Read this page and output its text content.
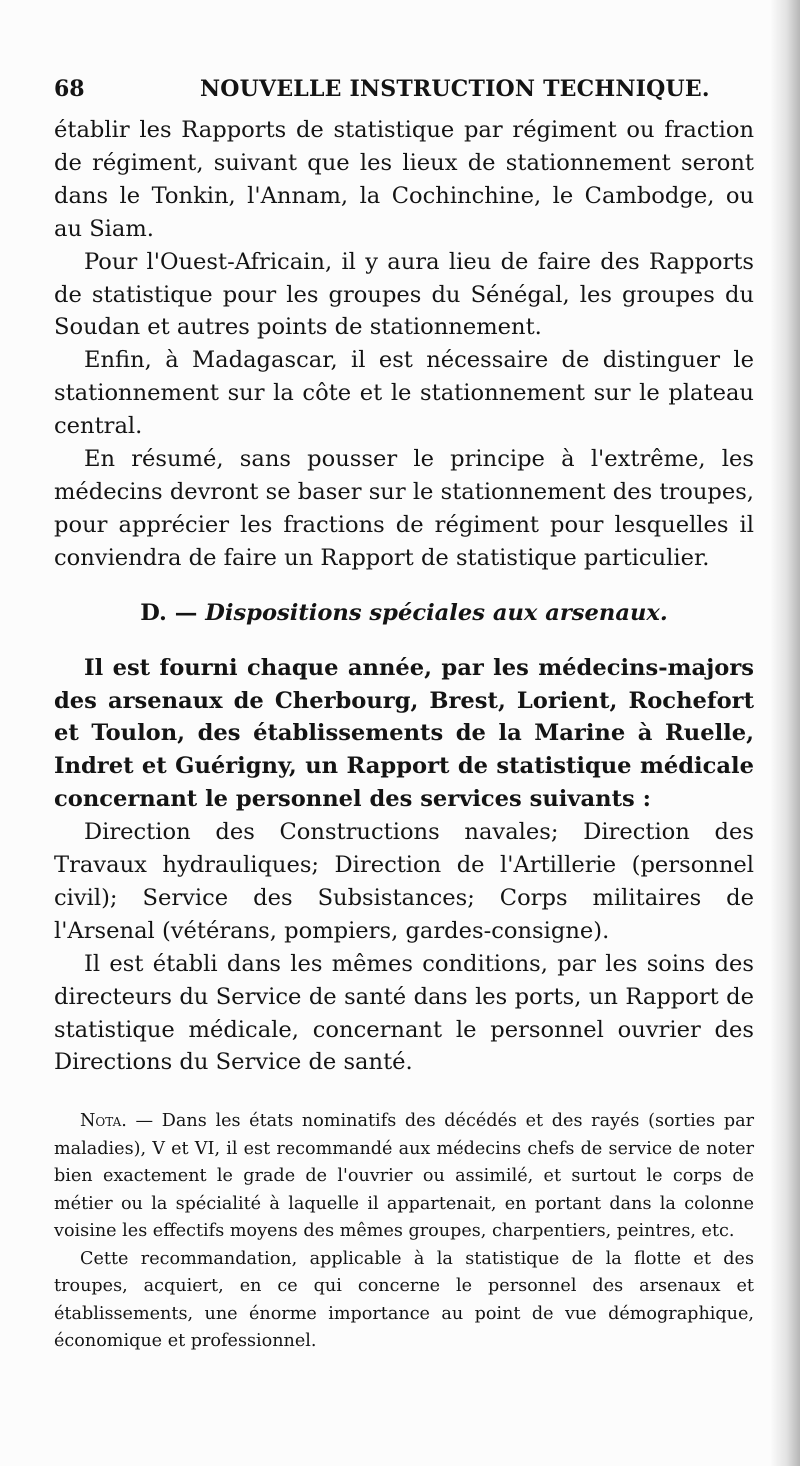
68	NOUVELLE INSTRUCTION TECHNIQUE.

établir les Rapports de statistique par régiment ou fraction de régiment, suivant que les lieux de stationnement seront dans le Tonkin, l'Annam, la Cochinchine, le Cambodge, ou au Siam.

Pour l'Ouest-Africain, il y aura lieu de faire des Rapports de statistique pour les groupes du Sénégal, les groupes du Soudan et autres points de stationnement.

Enfin, à Madagascar, il est nécessaire de distinguer le stationnement sur la côte et le stationnement sur le plateau central.

En résumé, sans pousser le principe à l'extrême, les médecins devront se baser sur le stationnement des troupes, pour apprécier les fractions de régiment pour lesquelles il conviendra de faire un Rapport de statistique particulier.

D. — Dispositions spéciales aux arsenaux.

Il est fourni chaque année, par les médecins-majors des arsenaux de Cherbourg, Brest, Lorient, Rochefort et Toulon, des établissements de la Marine à Ruelle, Indret et Guérigny, un Rapport de statistique médicale concernant le personnel des services suivants :

Direction des Constructions navales; Direction des Travaux hydrauliques; Direction de l'Artillerie (personnel civil); Service des Subsistances; Corps militaires de l'Arsenal (vétérans, pompiers, gardes-consigne).

Il est établi dans les mêmes conditions, par les soins des directeurs du Service de santé dans les ports, un Rapport de statistique médicale, concernant le personnel ouvrier des Directions du Service de santé.

Nota. — Dans les états nominatifs des décédés et des rayés (sorties par maladies), V et VI, il est recommandé aux médecins chefs de service de noter bien exactement le grade de l'ouvrier ou assimilé, et surtout le corps de métier ou la spécialité à laquelle il appartenait, en portant dans la colonne voisine les effectifs moyens des mêmes groupes, charpentiers, peintres, etc.

Cette recommandation, applicable à la statistique de la flotte et des troupes, acquiert, en ce qui concerne le personnel des arsenaux et établissements, une énorme importance au point de vue démographique, économique et professionnel.
